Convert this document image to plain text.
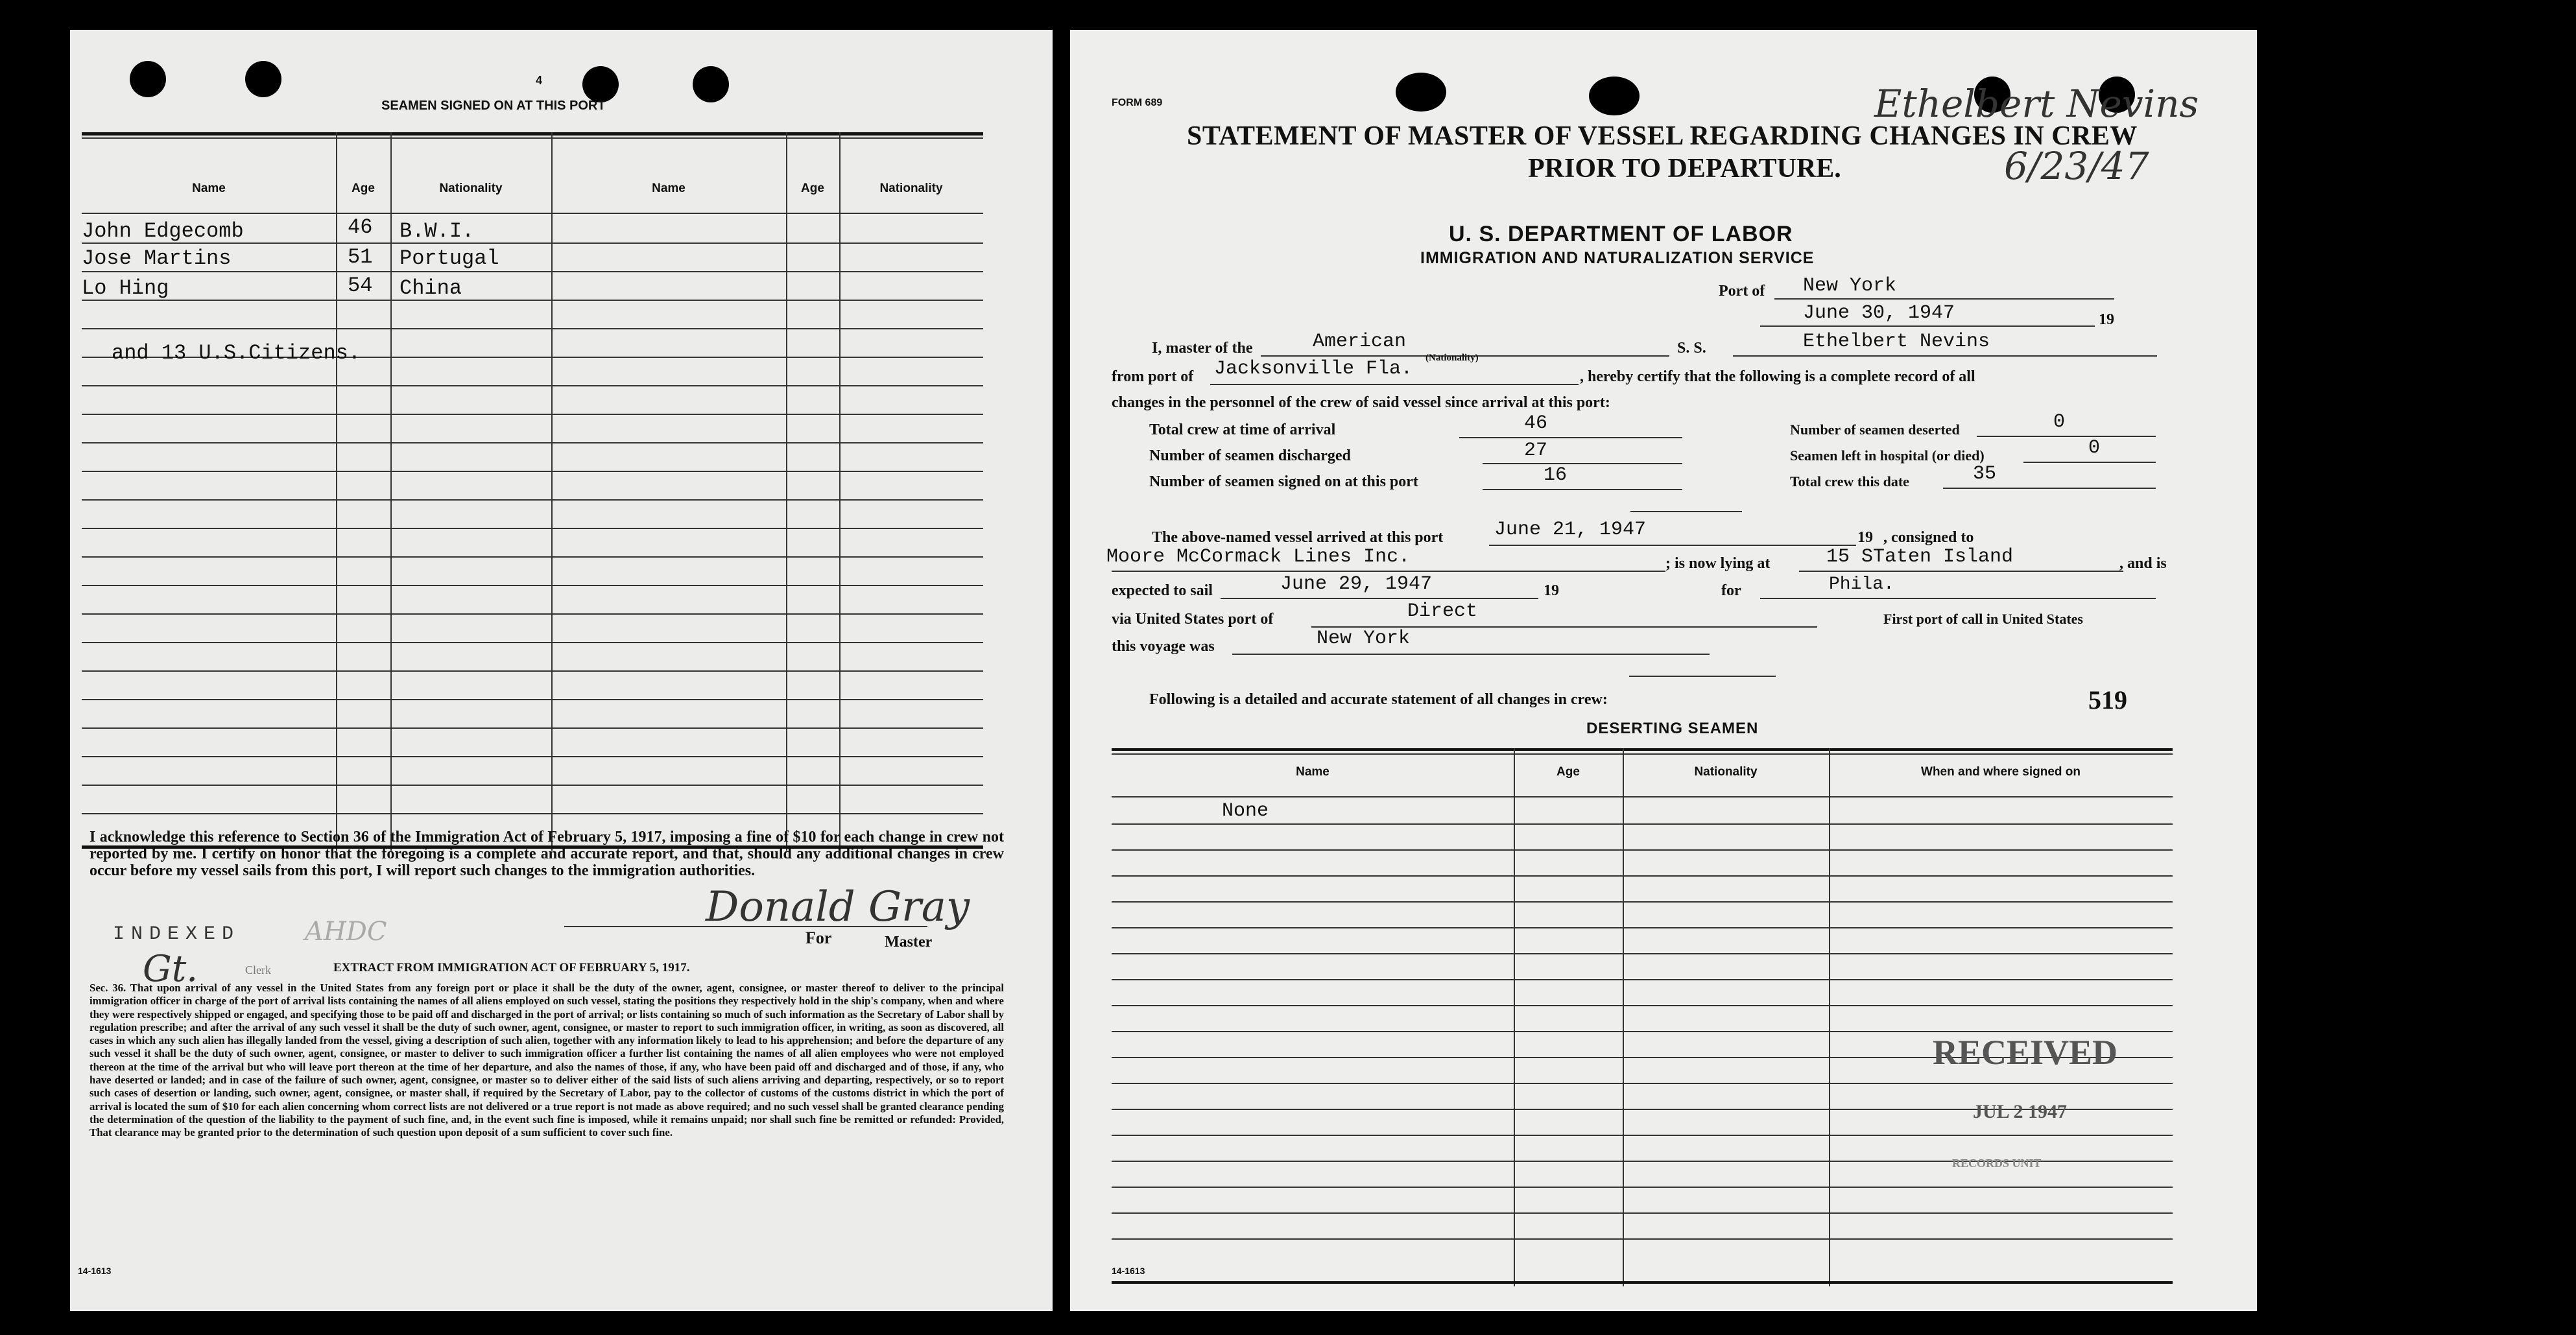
4
SEAMEN SIGNED ON AT THIS PORT
Name	Age	Nationality	Name	Age	Nationality
John Edgecomb	46 B.W.I.
Jose Martins	51 Portugal
Lo Hing	54 China
and 13 U.S.Citizens.
I acknowledge this reference to Section 36 of the Immigration Act of February 5, 1917, imposing a fine of $10 for each change in crew not reported by me. I certify on honor that the foregoing is a complete and accurate report, and that, should any additional changes in crew occur before my vessel sails from this port, I will report such changes to the immigration authorities.
Donald Gray
For	Master
INDEXED AHDC
Gt.	Clerk	EXTRACT FROM IMMIGRATION ACT OF FEBRUARY 5, 1917.
Sec. 36. That upon arrival of any vessel in the United States from any foreign port or place it shall be the duty of the owner, agent, consignee, or master thereof to deliver to the principal immigration officer in charge of the port of arrival lists containing the names of all aliens employed on such vessel, stating the positions they respectively hold in the ship's company, when and where they were respectively shipped or engaged, and specifying those to be paid off and discharged in the port of arrival; or lists containing so much of such information as the Secretary of Labor shall by regulation prescribe; and after the arrival of any such vessel it shall be the duty of such owner, agent, consignee, or master to report to such immigration officer, in writing, as soon as discovered, all cases in which any such alien has illegally landed from the vessel, giving a description of such alien, together with any information likely to lead to his apprehension; and before the departure of any such vessel it shall be the duty of such owner, agent, consignee, or master to deliver to such immigration officer a further list containing the names of all alien employees who were not employed thereon at the time of the arrival but who will leave port thereon at the time of her departure, and also the names of those, if any, who have been paid off and discharged and of those, if any, who have deserted or landed; and in case of the failure of such owner, agent, consignee, or master so to deliver either of the said lists of such aliens arriving and departing, respectively, or so to report such cases of desertion or landing, such owner, agent, consignee, or master shall, if required by the Secretary of Labor, pay to the collector of customs of the customs district in which the port of arrival is located the sum of $10 for each alien concerning whom correct lists are not delivered or a true report is not made as above required; and no such vessel shall be granted clearance pending the determination of the question of the liability to the payment of such fine, and, in the event such fine is imposed, while it remains unpaid; nor shall such fine be remitted or refunded: Provided, That clearance may be granted prior to the determination of such question upon deposit of a sum sufficient to cover such fine.
14-1613
FORM 689
STATEMENT OF MASTER OF VESSEL REGARDING CHANGES IN CREW
PRIOR TO DEPARTURE.
Ethelbert Nevins
6/23/47
U. S. DEPARTMENT OF LABOR
IMMIGRATION AND NATURALIZATION SERVICE
Port of New York
June 30, 1947	19
I, master of the	American	S. S.	Ethelbert Nevins
from port of Jacksonville Fla. (Nationality)
, hereby certify that the following is a complete record of all
changes in the personnel of the crew of said vessel since arrival at this port:
Total crew at time of arrival	46
Number of seamen discharged	27
Number of seamen signed on at this port	16
Number of seamen deserted	0
Seamen left in hospital (or died)	0
Total crew this date	35
The above-named vessel arrived at this port	June 21, 1947	19 , consigned to
Moore McCormack Lines Inc.	; is now lying at	15 STaten Island	, and is
expected to sail	June 29, 1947	19	for	Phila.
via United States port of	Direct	First port of call in United States
this voyage was	New York
Following is a detailed and accurate statement of all changes in crew:	519
DESERTING SEAMEN
Name	Age	Nationality	When and where signed on
None
RECEIVED
JUL 2 1947
RECORDS UNIT
14-1613
